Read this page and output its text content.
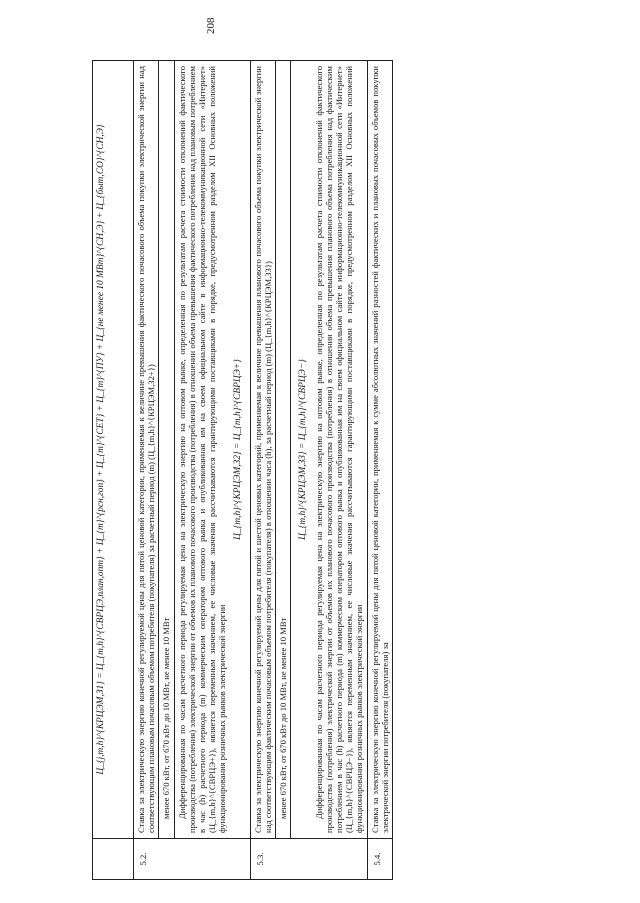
208
	Ц_{j,m,h}^{КРЦЭМ,З1} = Ц_{m,h}^{СВРЦЭ,план,опт} + Ц_{m}^{рсн,гоп} + Ц_{m}^{СЕТ} + Ц_{m}^{ПУ} + Ц_{не менее 10 МВт}^{СН,Э} + Ц_{быт,СО}^{СН,Э}
5.2.	Ставка за электрическую энергию конечной регулируемой цены для пятой ценовой категории, применяемая к величине превышения фактического почасового объема покупки электрической энергии над соответствующим плановым почасовым объемом потребителя (покупателя) за расчетный период (m) (Ц_{m,h}^{КРЦЭМ,З2+})
	менее 670 кВт, от 670 кВт до 10 МВт, не менее 10 МВт

	Дифференцированная по часам расчетного периода регулируемая цена на электрическую энергию на оптовом рынке, определенная по результатам расчета стоимости отклонений фактического производства (потребления) электрической энергии от объемов их планового почасового производства (потребления) в отношении объема превышения фактического потребления над плановым потреблением в час (h) расчетного периода (m) коммерческим оператором оптового рынка и опубликованная им на своем официальном сайте в информационно-телекоммуникационной сети «Интернет» (Ц_{m,h}^{СВРЦЭ+}), является переменным значением, ее числовые значения рассчитываются гарантирующими поставщиками в порядке, предусмотренном разделом XII Основных положений функционирования розничных рынков электрической энергии

Ц_{m,h}^{КРЦЭМ,З2} = Ц_{m,h}^{СВРЦЭ+}

5.3.	Ставка за электрическую энергию конечной регулируемой цены для пятой и шестой ценовых категорий, применяемая к величине превышения планового почасового объема покупки электрической энергии над соответствующим фактическим почасовым объемом потребителя (покупателя) в отношении часа (h), за расчетный период (m) (Ц_{m,h}^{КРЦЭМ,З3})
	менее 670 кВт, от 670 кВт до 10 МВт, не менее 10 МВт

	Ц_{m,h}^{КРЦЭМ,З3} = Ц_{m,h}^{СВРЦЭ−} Дифференцированная по часам расчетного периода регулируемая цена на электрическую энергию на оптовом рынке, определенная по результатам расчета стоимости отклонений фактического производства (потребления) электрической энергии от объемов их планового почасового производства (потребления) в отношении объема превышения планового объема потребления над фактическим потреблением в час (h) расчетного периода (m) коммерческим оператором оптового рынка и опубликованная им на своем официальном сайте в информационно-телекоммуникационной сети «Интернет» (Ц_{m,h}^{СВРЦЭ−}), является переменным значением, ее числовые значения рассчитываются гарантирующими поставщиками в порядке, предусмотренном разделом XII Основных положений функционирования розничных рынков электрической энергии

5.4.	Ставка за электрическую энергию конечной регулируемой цены для пятой ценовой категории, применяемая к сумме абсолютных значений разностей фактических и плановых почасовых объемов покупки электрической энергии потребителя (покупателя) за
